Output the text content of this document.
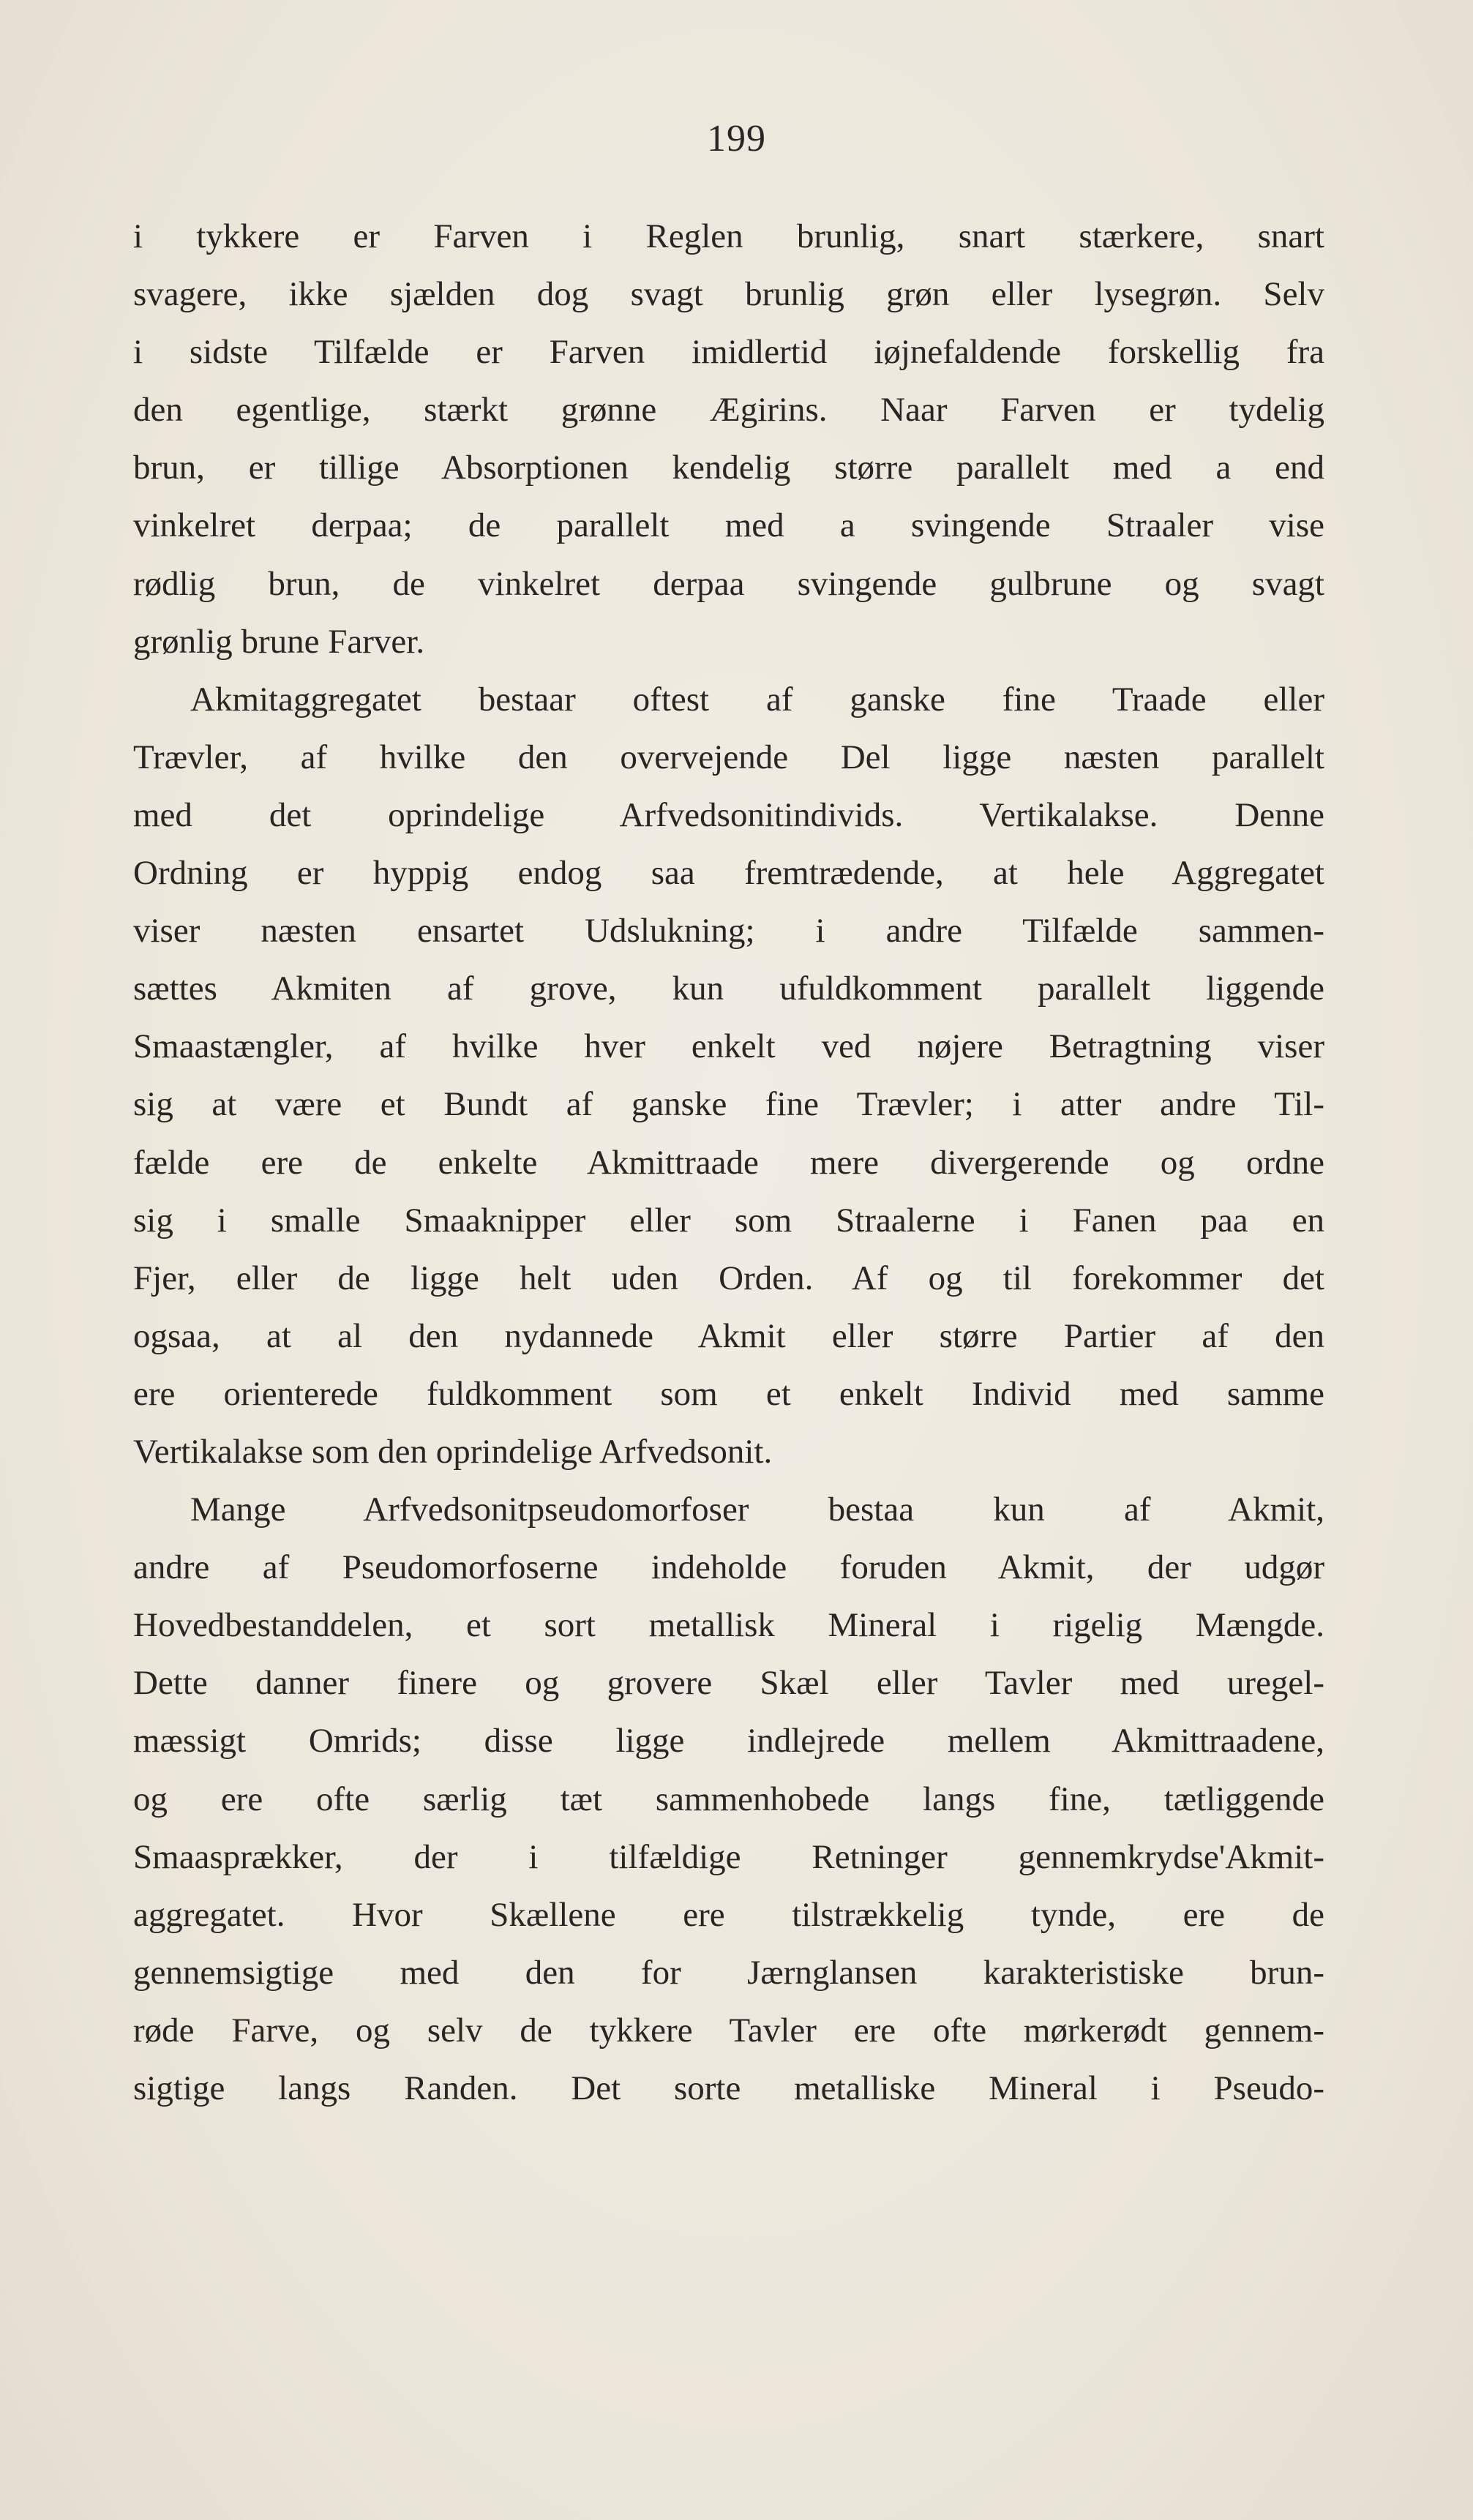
199
i tykkere er Farven i Reglen brunlig, snart stærkere, snart
svagere, ikke sjælden dog svagt brunlig grøn eller lysegrøn. Selv
i sidste Tilfælde er Farven imidlertid iøjnefaldende forskellig fra
den egentlige, stærkt grønne Ægirins. Naar Farven er tydelig
brun, er tillige Absorptionen kendelig større parallelt med a end
vinkelret derpaa; de parallelt med a svingende Straaler vise
rødlig brun, de vinkelret derpaa svingende gulbrune og svagt
grønlig brune Farver.
Akmitaggregatet bestaar oftest af ganske fine Traade eller
Trævler, af hvilke den overvejende Del ligge næsten parallelt
med det oprindelige Arfvedsonitindivids. Vertikalakse. Denne
Ordning er hyppig endog saa fremtrædende, at hele Aggregatet
viser næsten ensartet Udslukning; i andre Tilfælde sammen-
sættes Akmiten af grove, kun ufuldkomment parallelt liggende
Smaastængler, af hvilke hver enkelt ved nøjere Betragtning viser
sig at være et Bundt af ganske fine Trævler; i atter andre Til-
fælde ere de enkelte Akmittraade mere divergerende og ordne
sig i smalle Smaaknipper eller som Straalerne i Fanen paa en
Fjer, eller de ligge helt uden Orden. Af og til forekommer det
ogsaa, at al den nydannede Akmit eller større Partier af den
ere orienterede fuldkomment som et enkelt Individ med samme
Vertikalakse som den oprindelige Arfvedsonit.
Mange Arfvedsonitpseudomorfoser bestaa kun af Akmit,
andre af Pseudomorfoserne indeholde foruden Akmit, der udgør
Hovedbestanddelen, et sort metallisk Mineral i rigelig Mængde.
Dette danner finere og grovere Skæl eller Tavler med uregel-
mæssigt Omrids; disse ligge indlejrede mellem Akmittraadene,
og ere ofte særlig tæt sammenhobede langs fine, tætliggende
Smaasprækker, der i tilfældige Retninger gennemkrydse'Akmit-
aggregatet. Hvor Skællene ere tilstrækkelig tynde, ere de
gennemsigtige med den for Jærnglansen karakteristiske brun-
røde Farve, og selv de tykkere Tavler ere ofte mørkerødt gennem-
sigtige langs Randen. Det sorte metalliske Mineral i Pseudo-
